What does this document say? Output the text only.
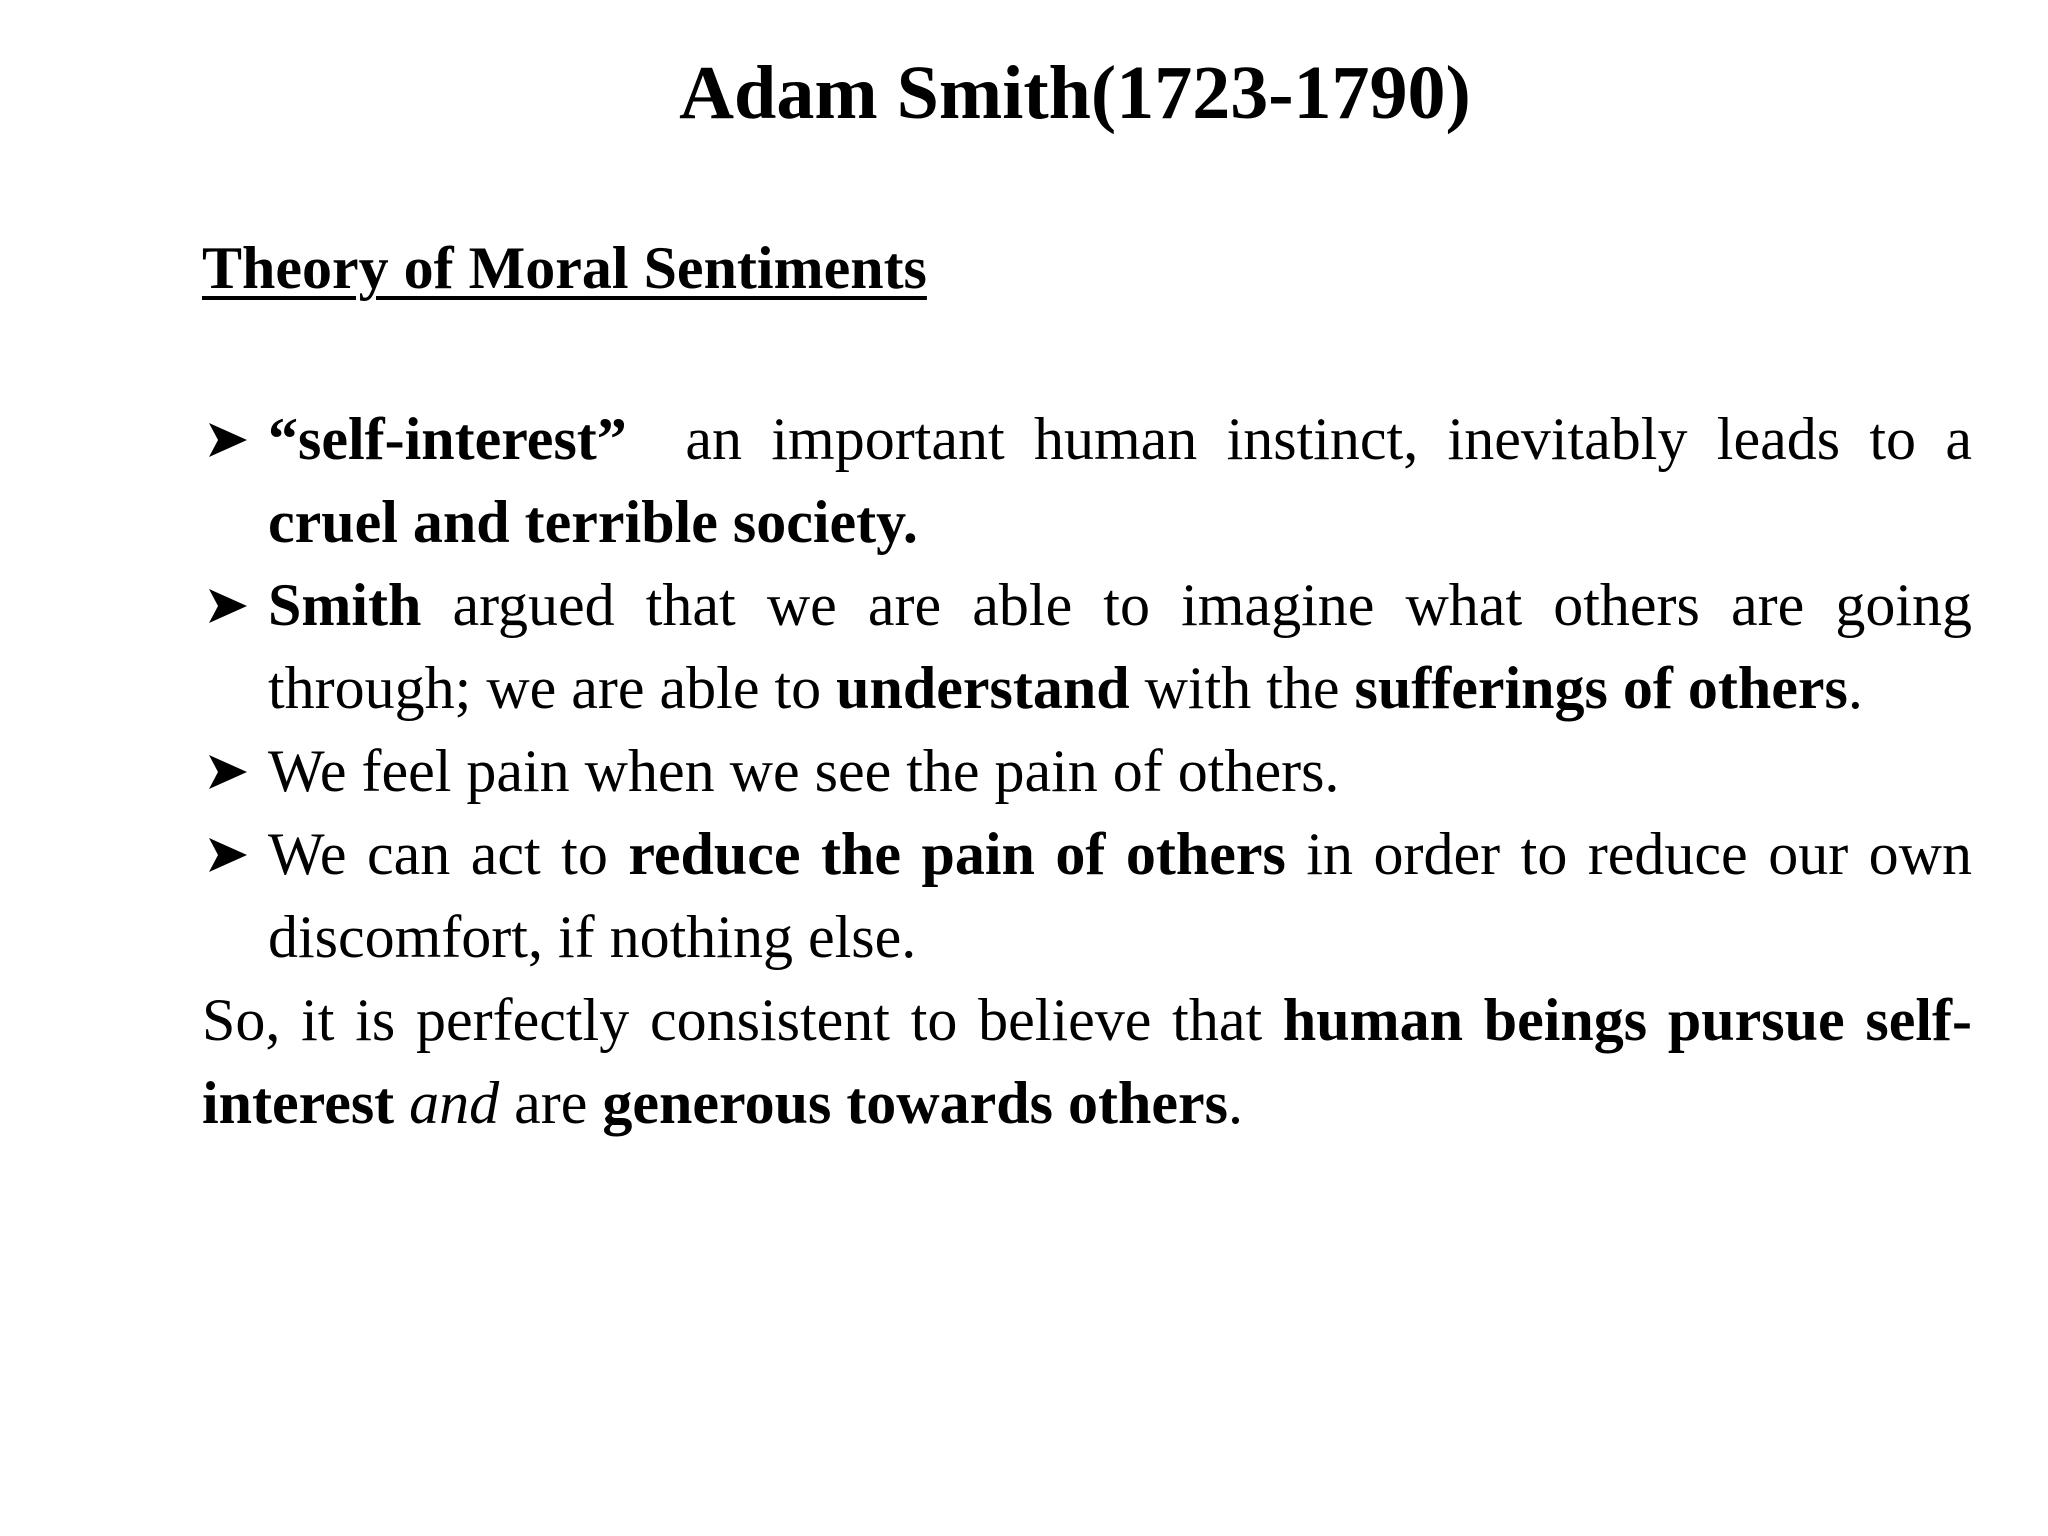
Adam Smith(1723-1790)
Theory of Moral Sentiments
“self-interest”  an important human instinct, inevitably leads to a cruel and terrible society.
Smith argued that we are able to imagine what others are going through; we are able to understand with the sufferings of others.
We feel pain when we see the pain of others.
We can act to reduce the pain of others in order to reduce our own discomfort, if nothing else.
So, it is perfectly consistent to believe that human beings pursue self-interest and are generous towards others.
